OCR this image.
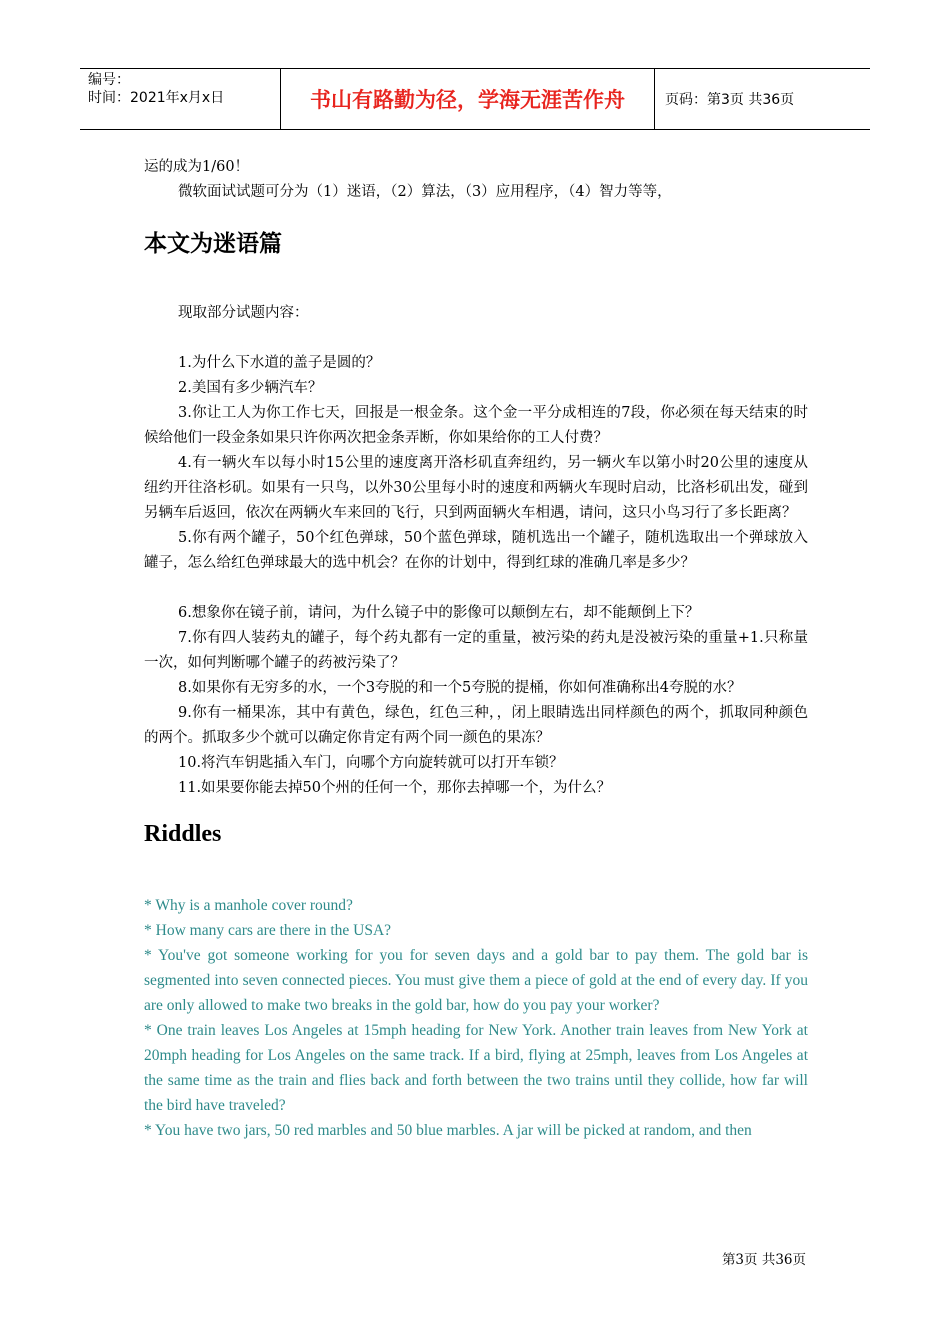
编号：
时间：2021年x月x日	书山有路勤为径，学海无涯苦作舟	页码：第3页 共36页

运的成为1/60！

微软面试试题可分为（1）迷语，（2）算法，（3）应用程序，（4）智力等等，

本文为迷语篇

现取部分试题内容：

1.为什么下水道的盖子是圆的？

2.美国有多少辆汽车？

3.你让工人为你工作七天，回报是一根金条。这个金一平分成相连的7段，你必须在每天结束的时候给他们一段金条如果只许你两次把金条弄断，你如果给你的工人付费？

4.有一辆火车以每小时15公里的速度离开洛杉矶直奔纽约，另一辆火车以第小时20公里的速度从纽约开往洛杉矶。如果有一只鸟，以外30公里每小时的速度和两辆火车现时启动，比洛杉矶出发，碰到另辆车后返回，依次在两辆火车来回的飞行，只到两面辆火车相遇，请问，这只小鸟习行了多长距离？

5.你有两个罐子，50个红色弹球，50个蓝色弹球，随机选出一个罐子，随机选取出一个弹球放入罐子，怎么给红色弹球最大的选中机会？在你的计划中，得到红球的准确几率是多少？

6.想象你在镜子前，请问，为什么镜子中的影像可以颠倒左右，却不能颠倒上下？

7.你有四人装药丸的罐子，每个药丸都有一定的重量，被污染的药丸是没被污染的重量+1.只称量一次，如何判断哪个罐子的药被污染了？

8.如果你有无穷多的水，一个3夸脱的和一个5夸脱的提桶，你如何准确称出4夸脱的水？

9.你有一桶果冻，其中有黄色，绿色，红色三种，，闭上眼睛选出同样颜色的两个，抓取同种颜色的两个。抓取多少个就可以确定你肯定有两个同一颜色的果冻？

10.将汽车钥匙插入车门，向哪个方向旋转就可以打开车锁？

11.如果要你能去掉50个州的任何一个，那你去掉哪一个，为什么？

Riddles

* Why is a manhole cover round?

* How many cars are there in the USA?

* You've got someone working for you for seven days and a gold bar to pay them. The gold bar is segmented into seven connected pieces. You must give them a piece of gold at the end of every day. If you are only allowed to make two breaks in the gold bar, how do you pay your worker?

* One train leaves Los Angeles at 15mph heading for New York. Another train leaves from New York at 20mph heading for Los Angeles on the same track. If a bird, flying at 25mph, leaves from Los Angeles at the same time as the train and flies back and forth between the two trains until they collide, how far will the bird have traveled?

* You have two jars, 50 red marbles and 50 blue marbles. A jar will be picked at random, and then

第3页 共36页
